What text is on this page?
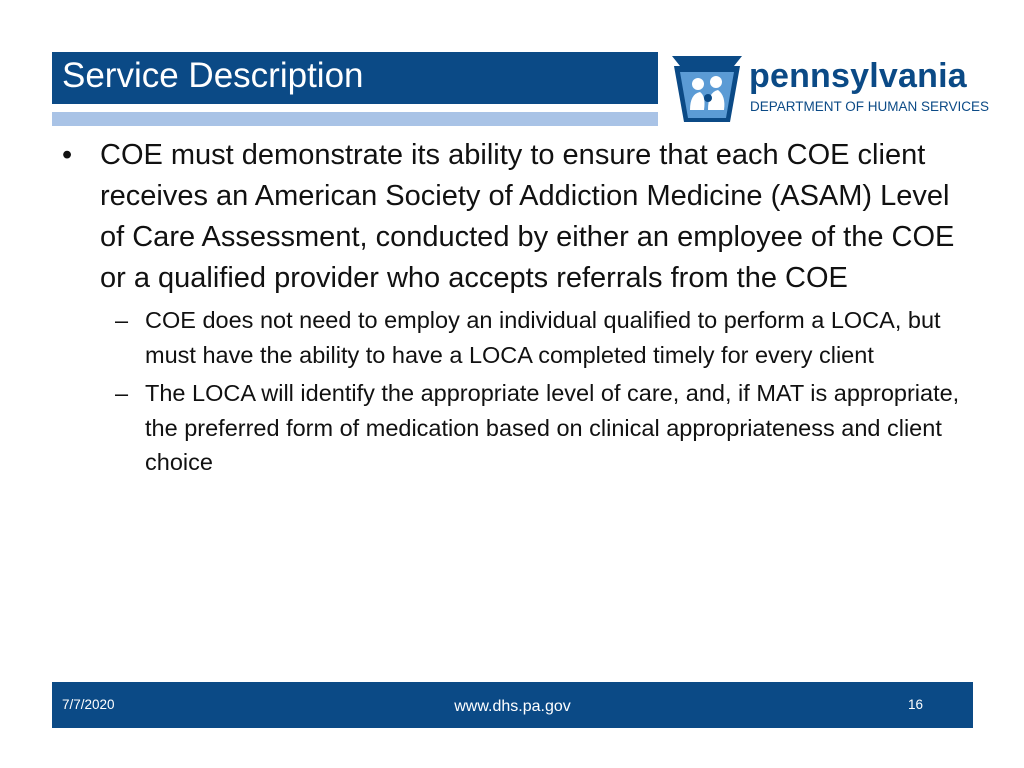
Service Description	pennsylvania
DEPARTMENT OF HUMAN SERVICES

• COE must demonstrate its ability to ensure that each COE client receives an American Society of Addiction Medicine (ASAM) Level of Care Assessment, conducted by either an employee of the COE or a qualified provider who accepts referrals from the COE

– COE does not need to employ an individual qualified to perform a LOCA, but must have the ability to have a LOCA completed timely for every client

– The LOCA will identify the appropriate level of care, and, if MAT is appropriate, the preferred form of medication based on clinical appropriateness and client choice

7/7/2020	www.dhs.pa.gov	16
